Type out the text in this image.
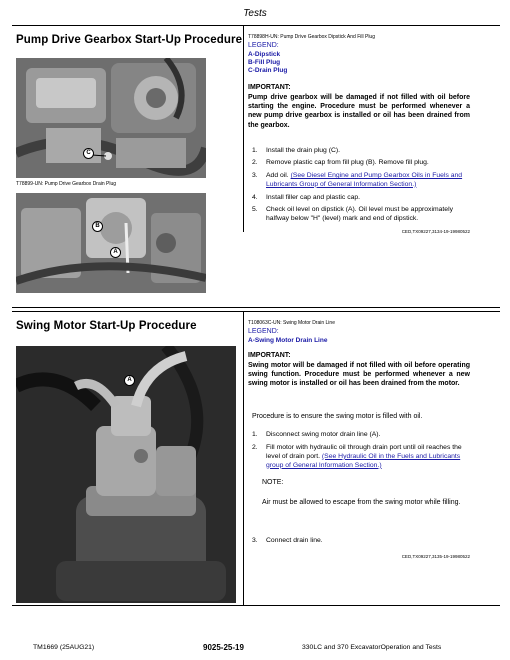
Tests
Pump Drive Gearbox Start-Up Procedure
C
T78899-UN: Pump Drive Gearbox Drain Plug
B
A
T78898H-UN: Pump Drive Gearbox Dipstick And Fill Plug
LEGEND:
A-Dipstick
B-Fill Plug
C-Drain Plug
IMPORTANT:
Pump drive gearbox will be damaged if not filled with oil before starting the engine. Procedure must be performed whenever a new pump drive gearbox is installed or oil has been drained from the gearbox.
1. Install the drain plug (C).
2. Remove plastic cap from fill plug (B). Remove fill plug.
3. Add oil. (See Diesel Engine and Pump Gearbox Oils in Fuels and Lubricants Group of General Information Section.)
4. Install filler cap and plastic cap.
5. Check oil level on dipstick (A). Oil level must be approximately halfway below "H" (level) mark and end of dipstick.
CED,TX09227,3134-19-19980522
Swing Motor Start-Up Procedure
A
T108063C-UN: Swing Motor Drain Line
LEGEND:
A-Swing Motor Drain Line
IMPORTANT:
Swing motor will be damaged if not filled with oil before operating swing function. Procedure must be performed whenever a new swing motor is installed or oil has been drained from the motor.
Procedure is to ensure the swing motor is filled with oil.
1. Disconnect swing motor drain line (A).
2. Fill motor with hydraulic oil through drain port until oil reaches the level of drain port. (See Hydraulic Oil in the Fuels and Lubricants group of General Information Section.)
NOTE:
Air must be allowed to escape from the swing motor while filling.
3. Connect drain line.
CED,TX09227,3135-19-19980522
TM1669 (25AUG21)	9025-25-19	330LC and 370 ExcavatorOperation and Tests
